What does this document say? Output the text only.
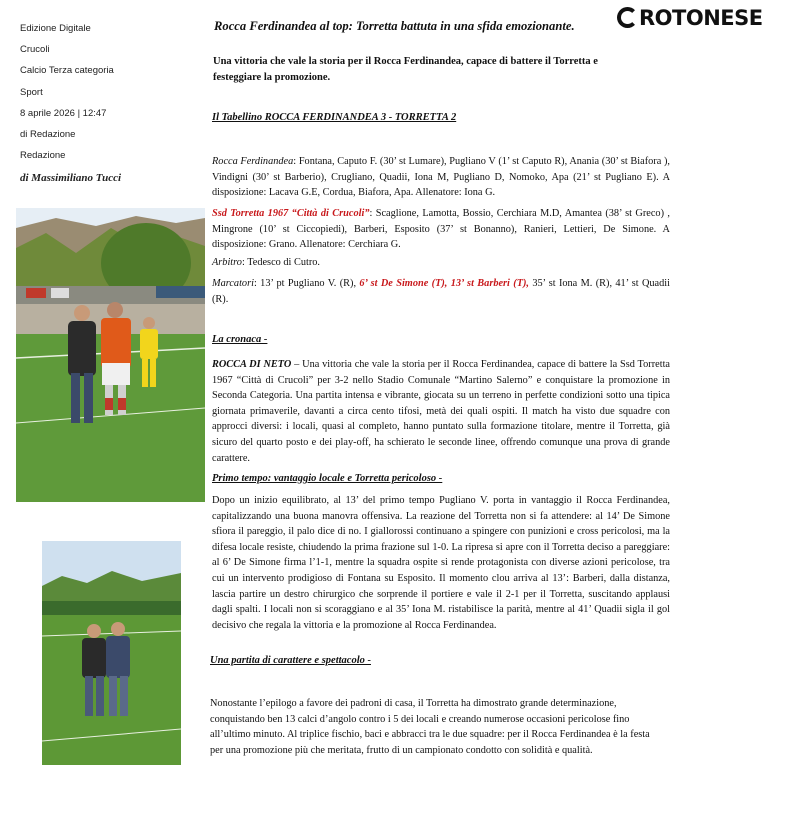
Edizione Digitale
Crucoli
Calcio Terza categoria
Sport
8 aprile 2026 | 12:47
di Redazione
Redazione
di Massimiliano Tucci
ROTONESE
Rocca Ferdinandea al top: Torretta battuta in una sfida emozionante.
Una vittoria che vale la storia per il Rocca Ferdinandea, capace di battere il Torretta e festeggiare la promozione.
Il Tabellino ROCCA FERDINANDEA 3 - TORRETTA 2

Rocca Ferdinandea: Fontana, Caputo F. (30’ st Lumare), Pugliano V (1’ st Caputo R), Anania (30’ st Biafora ), Vindigni (30’ st Barberio), Crugliano, Quadii, Iona M, Pugliano D, Nomoko, Apa (21’ st Pugliano E). A disposizione: Lacava G.E, Cordua, Biafora, Apa. Allenatore: Iona G.

Ssd Torretta 1967 “Città di Crucoli”: Scaglione, Lamotta, Bossio, Cerchiara M.D, Amantea (38’ st Greco) , Mingrone (10’ st Ciccopiedi), Barberi, Esposito (37’ st Bonanno), Ranieri, Lettieri, De Simone. A disposizione: Grano. Allenatore: Cerchiara G.

Arbitro: Tedesco di Cutro.

Marcatori: 13’ pt Pugliano V. (R), 6’ st De Simone (T), 13’ st Barberi (T), 35’ st Iona M. (R), 41’ st Quadii (R).

La cronaca -

ROCCA DI NETO – Una vittoria che vale la storia per il Rocca Ferdinandea, capace di battere la Ssd Torretta 1967 “Città di Crucoli” per 3-2 nello Stadio Comunale “Martino Salerno” e conquistare la promozione in Seconda Categoria. Una partita intensa e vibrante, giocata su un terreno in perfette condizioni sotto una tipica giornata primaverile, davanti a circa cento tifosi, metà dei quali ospiti. Il match ha visto due squadre con approcci diversi: i locali, quasi al completo, hanno puntato sulla formazione titolare, mentre il Torretta, già sicuro del quarto posto e dei play-off, ha schierato le seconde linee, offrendo comunque una prova di grande carattere.

Primo tempo: vantaggio locale e Torretta pericoloso -

Dopo un inizio equilibrato, al 13’ del primo tempo Pugliano V. porta in vantaggio il Rocca Ferdinandea, capitalizzando una buona manovra offensiva. La reazione del Torretta non si fa attendere: al 14’ De Simone sfiora il pareggio, il palo dice di no. I giallorossi continuano a spingere con punizioni e cross pericolosi, ma la difesa locale resiste, chiudendo la prima frazione sul 1-0. La ripresa si apre con il Torretta deciso a pareggiare: al 6’ De Simone firma l’1-1, mentre la squadra ospite si rende protagonista con diverse azioni pericolose, tra cui un intervento prodigioso di Fontana su Esposito. Il momento clou arriva al 13’: Barberi, dalla distanza, lascia partire un destro chirurgico che sorprende il portiere e vale il 2-1 per il Torretta, suscitando applausi dagli spalti. I locali non si scoraggiano e al 35’ Iona M. ristabilisce la parità, mentre al 41’ Quadii sigla il gol decisivo che regala la vittoria e la promozione al Rocca Ferdinandea.

Una partita di carattere e spettacolo -

Nonostante l’epilogo a favore dei padroni di casa, il Torretta ha dimostrato grande determinazione, conquistando ben 13 calci d’angolo contro i 5 dei locali e creando numerose occasioni pericolose fino all’ultimo minuto. Al triplice fischio, baci e abbracci tra le due squadre: per il Rocca Ferdinandea è la festa per una promozione più che meritata, frutto di un campionato condotto con solidità e qualità.
